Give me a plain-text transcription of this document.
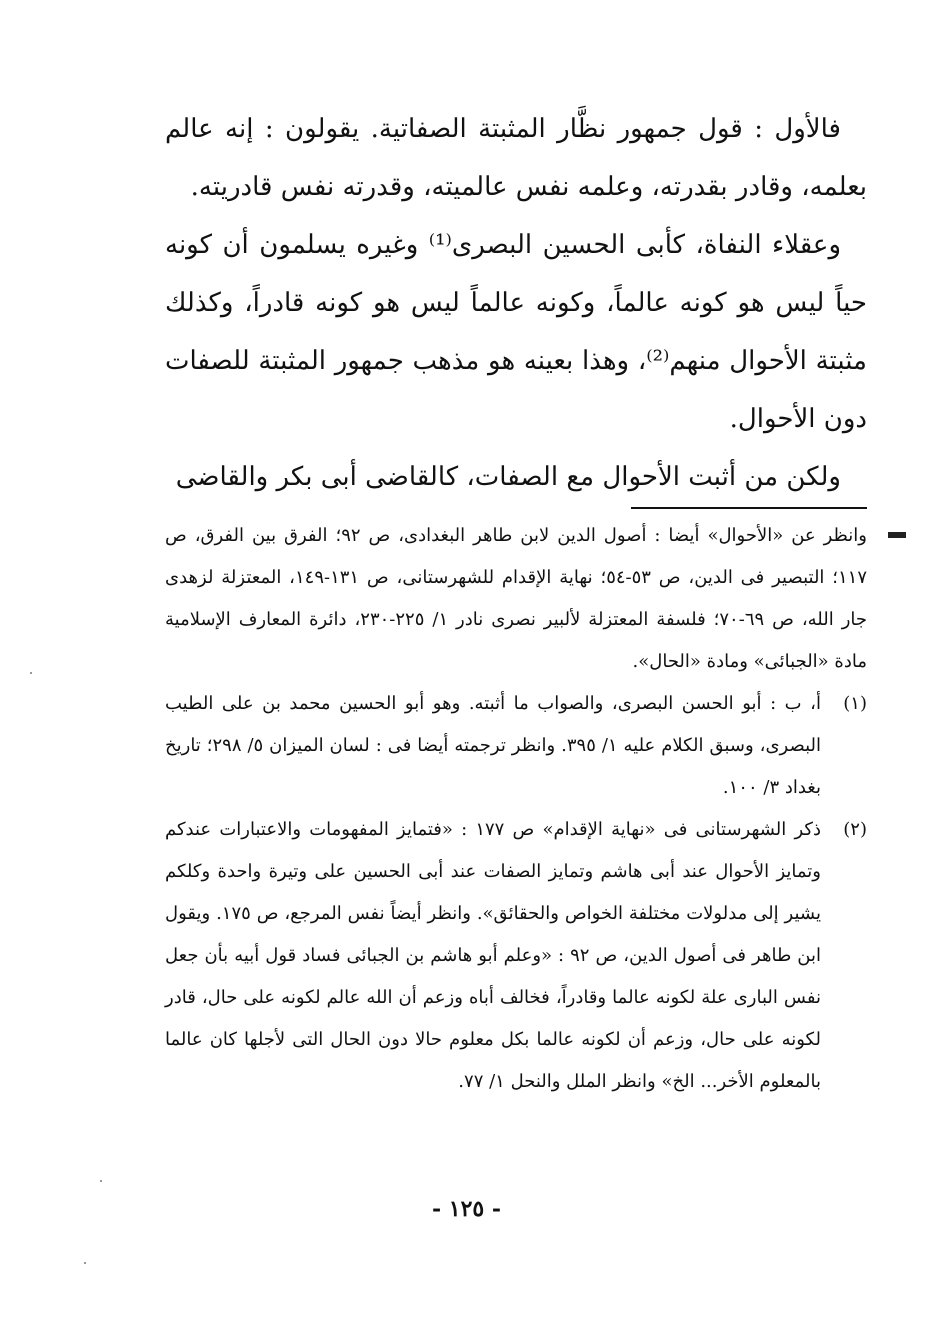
فالأول : قول جمهور نظَّار المثبتة الصفاتية. يقولون : إنه عالم بعلمه، وقادر بقدرته، وعلمه نفس عالميته، وقدرته نفس قادريته.

وعقلاء النفاة، كأبى الحسين البصرى⁽¹⁾ وغيره يسلمون أن كونه حياً ليس هو كونه عالماً، وكونه عالماً ليس هو كونه قادراً، وكذلك مثبتة الأحوال منهم⁽²⁾، وهذا بعينه هو مذهب جمهور المثبتة للصفات دون الأحوال.

ولكن من أثبت الأحوال مع الصفات، كالقاضى أبى بكر والقاضى

وانظر عن «الأحوال» أيضا : أصول الدين لابن طاهر البغدادى، ص ٩٢؛ الفرق بين الفرق، ص ١١٧؛ التبصير فى الدين، ص ٥٣-٥٤؛ نهاية الإقدام للشهرستانى، ص ١٣١-١٤٩، المعتزلة لزهدى جار الله، ص ٦٩-٧٠؛ فلسفة المعتزلة لألبير نصرى نادر ١/ ٢٢٥-٢٣٠، دائرة المعارف الإسلامية مادة «الجبائى» ومادة «الحال».

(١)
أ، ب : أبو الحسن البصرى، والصواب ما أثبته. وهو أبو الحسين محمد بن على الطيب البصرى، وسبق الكلام عليه ١/ ٣٩٥. وانظر ترجمته أيضا فى : لسان الميزان ٥/ ٢٩٨؛ تاريخ بغداد ٣/ ١٠٠.
(٢)
ذكر الشهرستانى فى «نهاية الإقدام» ص ١٧٧ : «فتمايز المفهومات والاعتبارات عندكم وتمايز الأحوال عند أبى هاشم وتمايز الصفات عند أبى الحسين على وتيرة واحدة وكلكم يشير إلى مدلولات مختلفة الخواص والحقائق». وانظر أيضاً نفس المرجع، ص ١٧٥. ويقول ابن طاهر فى أصول الدين، ص ٩٢ : «وعلم أبو هاشم بن الجبائى فساد قول أبيه بأن جعل نفس البارى علة لكونه عالما وقادراً، فخالف أباه وزعم أن الله عالم لكونه على حال، قادر لكونه على حال، وزعم أن لكونه عالما بكل معلوم حالا دون الحال التى لأجلها كان عالما بالمعلوم الأخر... الخ» وانظر الملل والنحل ١/ ٧٧.
- ١٢٥ -
